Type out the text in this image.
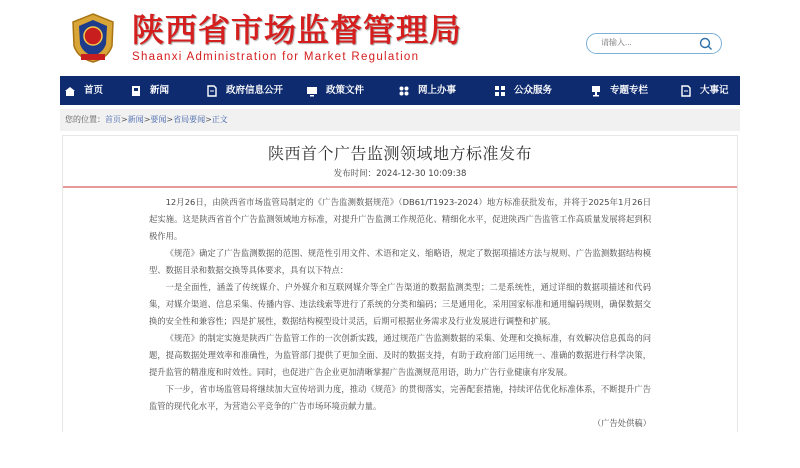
陕西省市场监督管理局
Shaanxi Administration for Market Regulation
请输入...
首页	新闻	政府信息公开	政策文件	网上办事	公众服务	专题专栏	大事记
您的位置：首页>新闻>要闻>省局要闻>正文
陕西首个广告监测领域地方标准发布
发布时间：2024-12-30 10:09:38

12月26日，由陕西省市场监管局制定的《广告监测数据规范》（DB61/T1923-2024）地方标准获批发布，并将于2025年1月26日起实施。这是陕西省首个广告监测领域地方标准，对提升广告监测工作规范化、精细化水平，促进陕西广告监管工作高质量发展将起到积极作用。

《规范》确定了广告监测数据的范围、规范性引用文件、术语和定义、缩略语，规定了数据项描述方法与规则、广告监测数据结构模型、数据目录和数据交换等具体要求，具有以下特点：

一是全面性，涵盖了传统媒介、户外媒介和互联网媒介等全广告渠道的数据监测类型；二是系统性，通过详细的数据项描述和代码集，对媒介渠道、信息采集、传播内容、违法线索等进行了系统的分类和编码；三是通用化，采用国家标准和通用编码规则，确保数据交换的安全性和兼容性；四是扩展性，数据结构模型设计灵活，后期可根据业务需求及行业发展进行调整和扩展。

《规范》的制定实施是陕西广告监管工作的一次创新实践，通过规范广告监测数据的采集、处理和交换标准，有效解决信息孤岛的问题，提高数据处理效率和准确性，为监管部门提供了更加全面、及时的数据支持，有助于政府部门运用统一、准确的数据进行科学决策，提升监管的精准度和时效性。同时，也促进广告企业更加清晰掌握广告监测规范用语，助力广告行业健康有序发展。

下一步，省市场监管局将继续加大宣传培训力度，推动《规范》的贯彻落实，完善配套措施，持续评估优化标准体系，不断提升广告监管的现代化水平，为营造公平竞争的广告市场环境贡献力量。

（广告处供稿）
